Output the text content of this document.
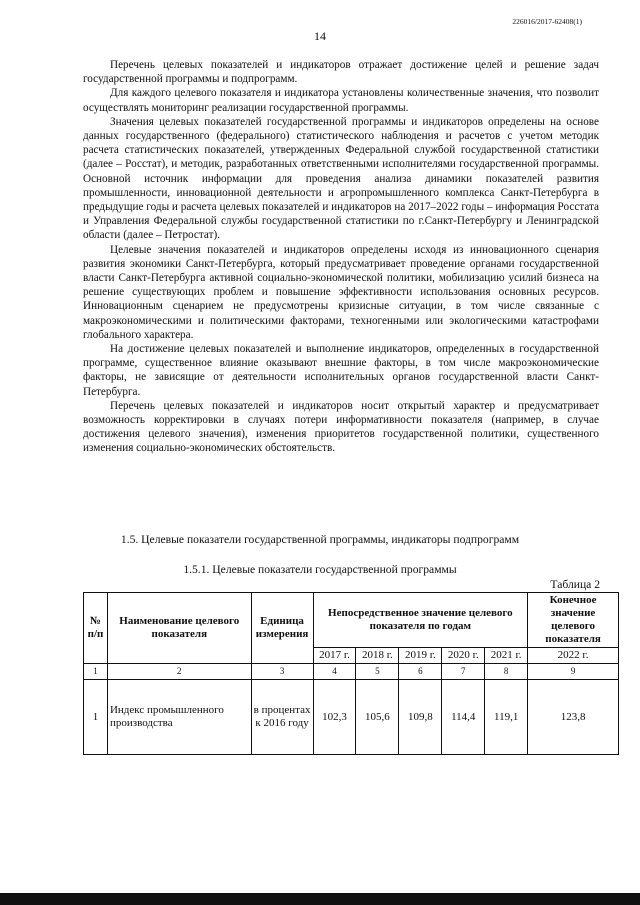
226016/2017-62408(1)
14

Перечень целевых показателей и индикаторов отражает достижение целей и решение задач государственной программы и подпрограмм.

Для каждого целевого показателя и индикатора установлены количественные значения, что позволит осуществлять мониторинг реализации государственной программы.

Значения целевых показателей государственной программы и индикаторов определены на основе данных государственного (федерального) статистического наблюдения и расчетов с учетом методик расчета статистических показателей, утвержденных Федеральной службой государственной статистики (далее – Росстат), и методик, разработанных ответственными исполнителями государственной программы. Основной источник информации для проведения анализа динамики показателей развития промышленности, инновационной деятельности и агропромышленного комплекса Санкт-Петербурга в предыдущие годы и расчета целевых показателей и индикаторов на 2017–2022 годы – информация Росстата и Управления Федеральной службы государственной статистики по г.Санкт-Петербургу и Ленинградской области (далее – Петростат).

Целевые значения показателей и индикаторов определены исходя из инновационного сценария развития экономики Санкт-Петербурга, который предусматривает проведение органами государственной власти Санкт-Петербурга активной социально-экономической политики, мобилизацию усилий бизнеса на решение существующих проблем и повышение эффективности использования основных ресурсов. Инновационным сценарием не предусмотрены кризисные ситуации, в том числе связанные с макроэкономическими и политическими факторами, техногенными или экологическими катастрофами глобального характера.

На достижение целевых показателей и выполнение индикаторов, определенных в государственной программе, существенное влияние оказывают внешние факторы, в том числе макроэкономические факторы, не зависящие от деятельности исполнительных органов государственной власти Санкт-Петербурга.

Перечень целевых показателей и индикаторов носит открытый характер и предусматривает возможность корректировки в случаях потери информативности показателя (например, в случае достижения целевого значения), изменения приоритетов государственной политики, существенного изменения социально-экономических обстоятельств.

1.5. Целевые показатели государственной программы, индикаторы подпрограмм
1.5.1. Целевые показатели государственной программы
Таблица 2
№ п/п	Наименование целевого показателя	Единица измерения	Непосредственное значение целевого показателя по годам					Конечное значение целевого показателя
			2017 г.	2018 г.	2019 г.	2020 г.	2021 г.	2022 г.
1	2	3	4	5	6	7	8	9
1	Индекс промышленного производства	в процентах к 2016 году	102,3	105,6	109,8	114,4	119,1	123,8
